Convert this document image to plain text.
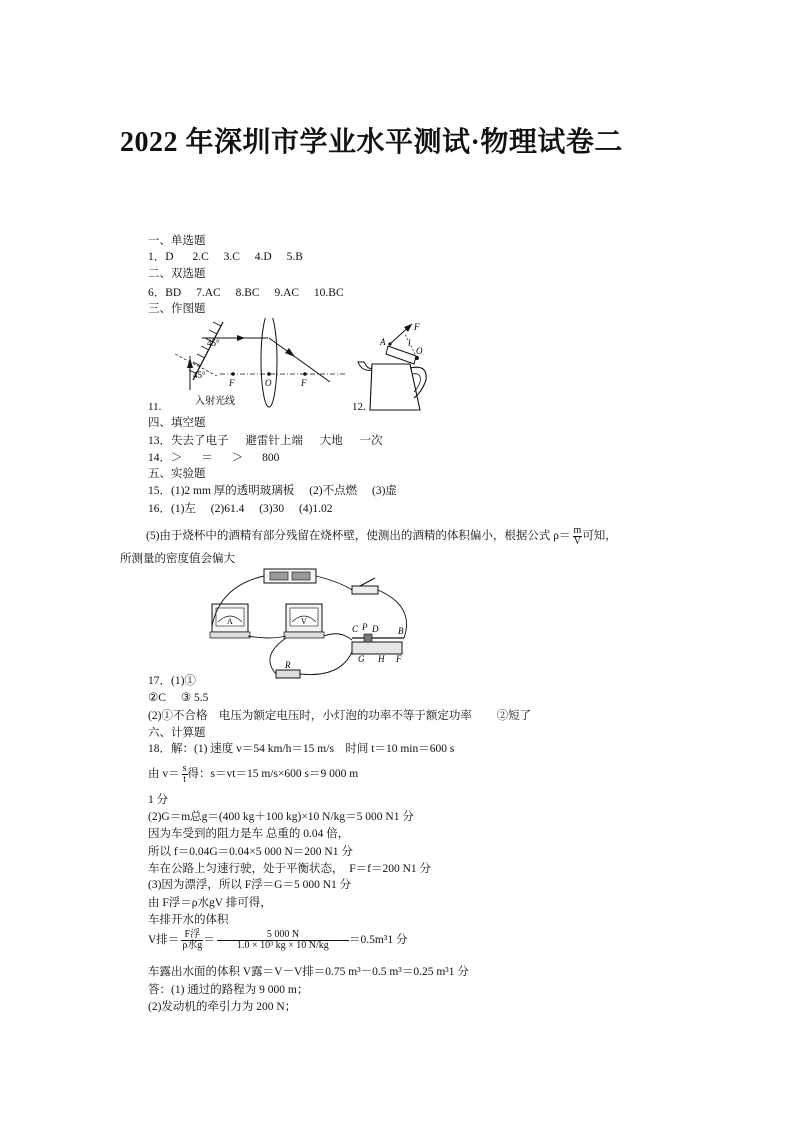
2022 年深圳市学业水平测试·物理试卷二
一、单选题
1．D 2.C 3.C 4.D 5.B
二、双选题
6．BD 7.AC 8.BC 9.AC 10.BC
三、作图题
11.
45°
45°
F	O	F
入射光线	12.
F
A	l
O
四、填空题
13．失去了电子 避雷针上端 大地 一次
14．＞ ＝ ＞ 800
五、实验题
15．(1)2 mm 厚的透明玻璃板 (2)不点燃 (3)虚
16．(1)左 (2)61.4 (3)30 (4)1.02
(5)由于烧杯中的酒精有部分残留在烧杯壁，使测出的酒精的体积偏小，根据公式 $\rho= \frac{m}{V}$ 可知，
所测量的密度值会偏大
A	V
R
C P D B
G H F
17．(1)①
②C ③ 5.5
(2)①不合格　电压为额定电压时，小灯泡的功率不等于额定功率 ②短了
六、计算题
18．解：(1) 速度 v＝54 km/h＝15 m/s　时间 t＝10 min＝600 s
由 $v= \frac{s}{t}$ 得：s＝vt＝15 m/s×600 s＝9 000 m
1 分
(2)G＝m总g＝(400 kg＋100 kg)×10 N/kg＝5 000 N1 分
因为车受到的阻力是车 总重的 0.04 倍，
所以 f＝0.04G＝0.04×5 000 N＝200 N1 分
车在公路上匀速行驶，处于平衡状态，　F＝f＝200 N1 分
(3)因为漂浮，所以 F浮＝G＝5 000 N1 分
由 F浮＝ρ水gV 排可得，
车排开水的体积
V排＝ $\frac{\text{F浮}}{\text{ρ水g}} = \frac{5 000 N}{\text{1.0 × 10³ kg × 10 N/kg}} =0.5m^31$ 分
车露出水面的体积 V露＝V－V排＝0.75 m³－0.5 m³＝0.25 m³1 分
答：(1) 通过的路程为 9 000 m；
(2)发动机的牵引力为 200 N；
